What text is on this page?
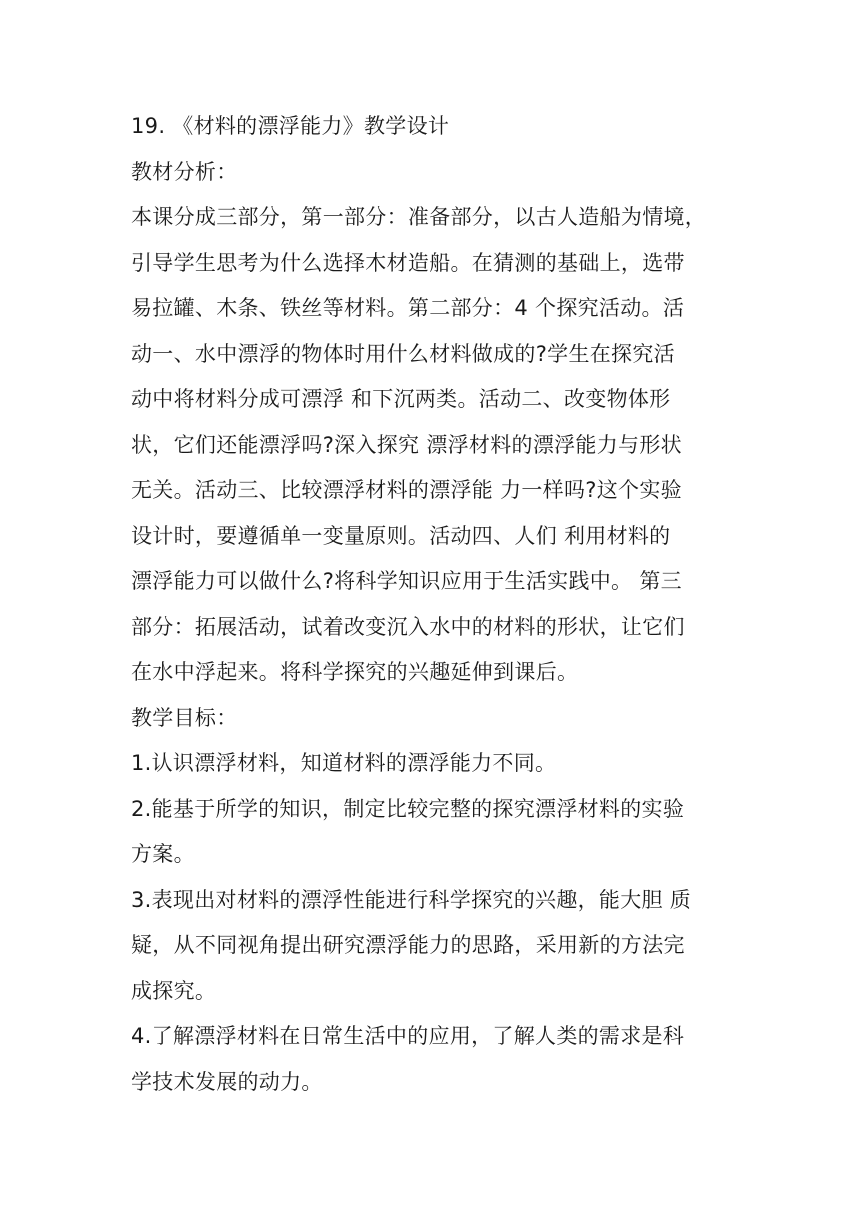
19. 《材料的漂浮能力》教学设计

教材分析：

本课分成三部分，第一部分：准备部分，以古人造船为情境，

引导学生思考为什么选择木材造船。在猜测的基础上，选带

易拉罐、木条、铁丝等材料。第二部分：4 个探究活动。活

动一、水中漂浮的物体时用什么材料做成的?学生在探究活

动中将材料分成可漂浮 和下沉两类。活动二、改变物体形

状，它们还能漂浮吗?深入探究 漂浮材料的漂浮能力与形状

无关。活动三、比较漂浮材料的漂浮能 力一样吗?这个实验

设计时，要遵循单一变量原则。活动四、人们 利用材料的

漂浮能力可以做什么?将科学知识应用于生活实践中。 第三

部分：拓展活动，试着改变沉入水中的材料的形状，让它们

在水中浮起来。将科学探究的兴趣延伸到课后。

教学目标：

1.认识漂浮材料，知道材料的漂浮能力不同。

2.能基于所学的知识，制定比较完整的探究漂浮材料的实验

方案。

3.表现出对材料的漂浮性能进行科学探究的兴趣，能大胆 质

疑，从不同视角提出研究漂浮能力的思路，采用新的方法完

成探究。

4.了解漂浮材料在日常生活中的应用，了解人类的需求是科

学技术发展的动力。
